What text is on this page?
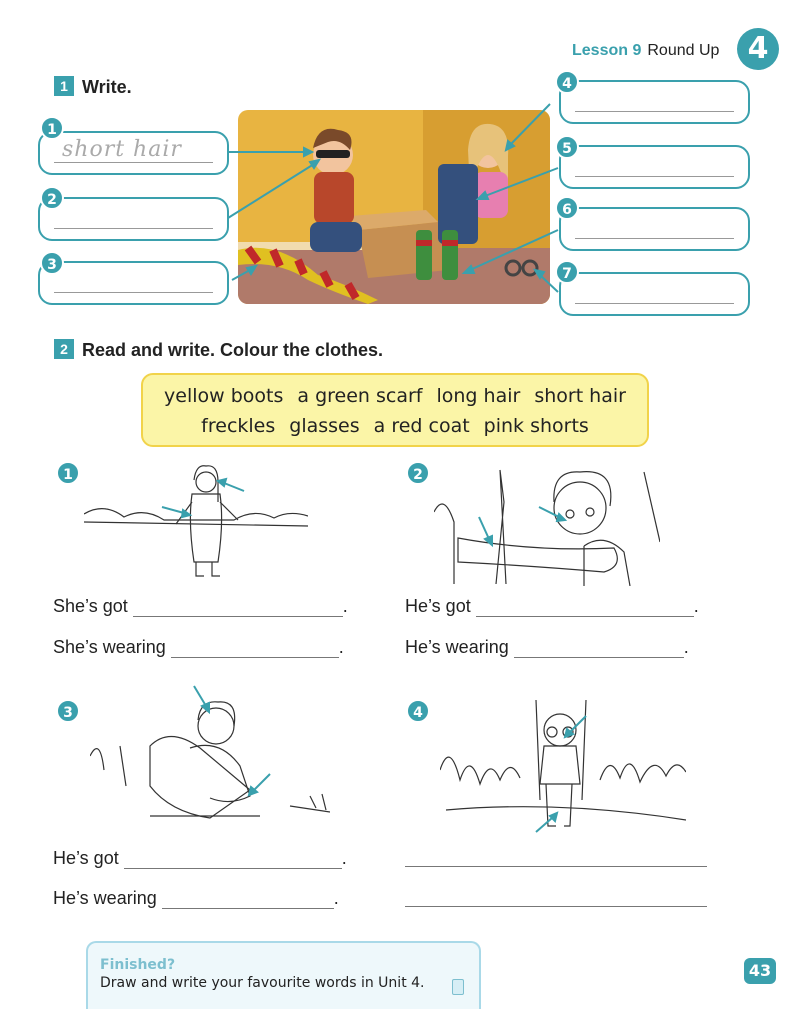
Lesson 9 Round Up 4
1 Write.
short hair
1
2
3
4
5
6
7
2 Read and write. Colour the clothes.
yellow boots a green scarf long hair short hair
freckles glasses a red coat pink shorts
1
She’s got	.
She’s wearing	.
2
He’s got	.
He’s wearing	.
3
He’s got	.
He’s wearing	.
4
Finished?
Draw and write your favourite words in Unit 4.
43
